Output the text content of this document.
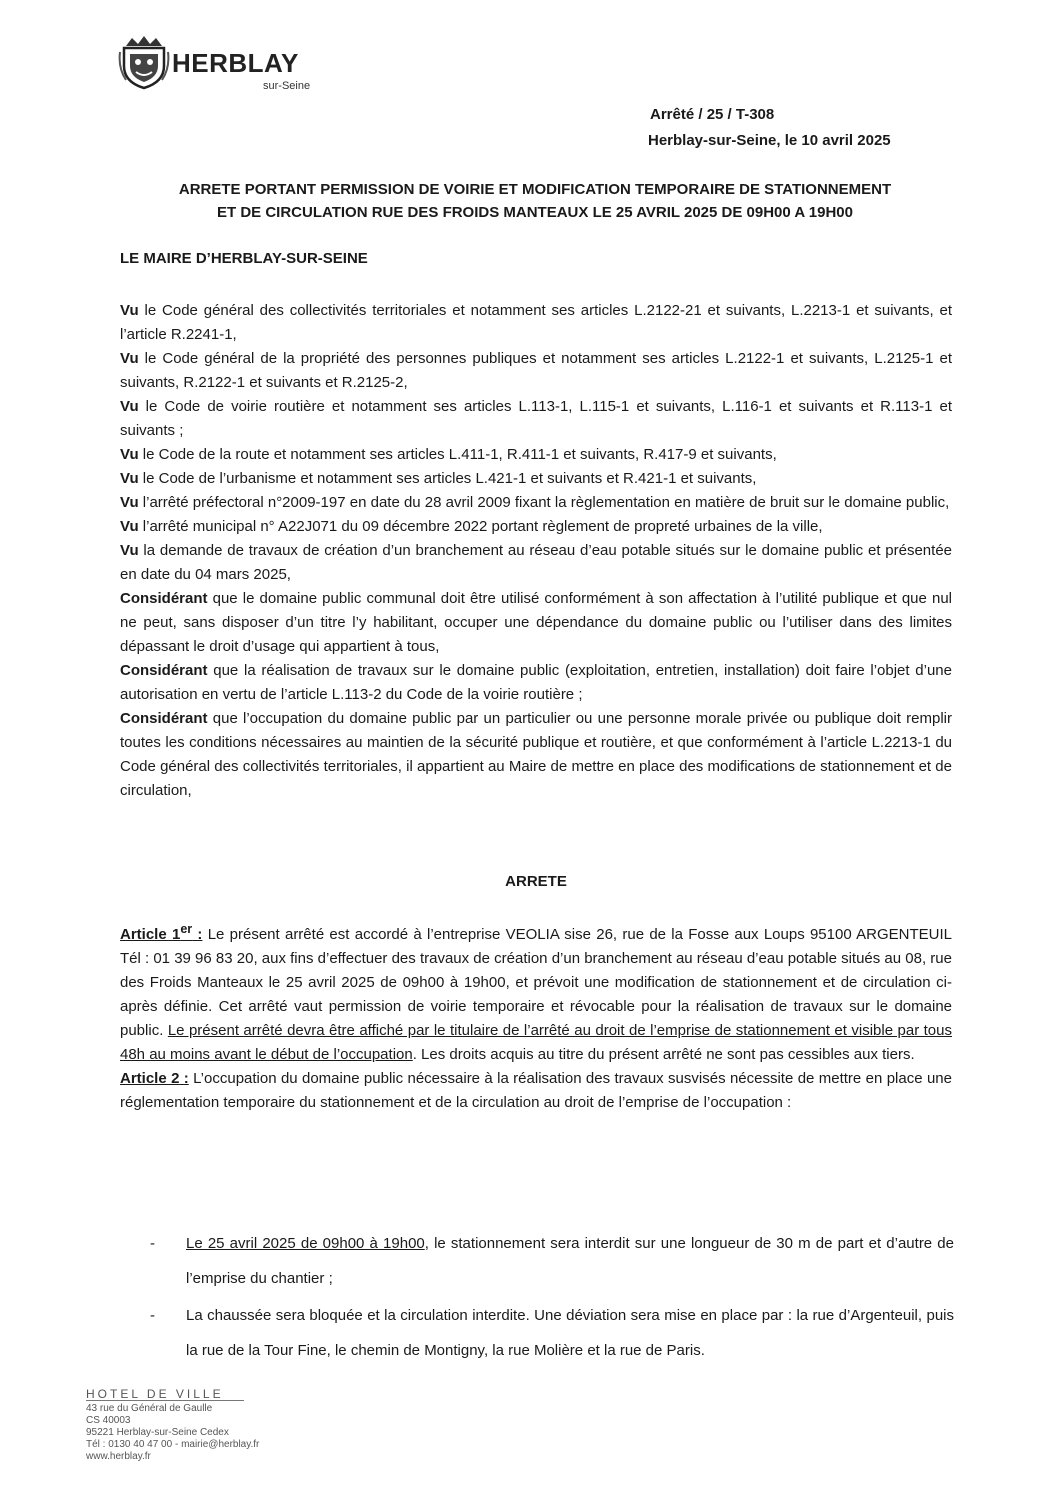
HERBLAY
sur-Seine
Arrêté / 25 / T-308
Herblay-sur-Seine, le 10 avril 2025
ARRETE PORTANT PERMISSION DE VOIRIE ET MODIFICATION TEMPORAIRE DE STATIONNEMENT
ET DE CIRCULATION RUE DES FROIDS MANTEAUX LE 25 AVRIL 2025 DE 09H00 A 19H00
LE MAIRE D’HERBLAY-SUR-SEINE

Vu le Code général des collectivités territoriales et notamment ses articles L.2122-21 et suivants, L.2213-1 et suivants, et l’article R.2241-1,

Vu le Code général de la propriété des personnes publiques et notamment ses articles L.2122-1 et suivants, L.2125-1 et suivants, R.2122-1 et suivants et R.2125-2,

Vu le Code de voirie routière et notamment ses articles L.113-1, L.115-1 et suivants, L.116-1 et suivants et R.113-1 et suivants ;

Vu le Code de la route et notamment ses articles L.411-1, R.411-1 et suivants, R.417-9 et suivants,

Vu le Code de l’urbanisme et notamment ses articles L.421-1 et suivants et R.421-1 et suivants,

Vu l’arrêté préfectoral n°2009-197 en date du 28 avril 2009 fixant la règlementation en matière de bruit sur le domaine public,

Vu l’arrêté municipal n° A22J071 du 09 décembre 2022 portant règlement de propreté urbaines de la ville,

Vu la demande de travaux de création d’un branchement au réseau d’eau potable situés sur le domaine public et présentée en date du 04 mars 2025,

Considérant que le domaine public communal doit être utilisé conformément à son affectation à l’utilité publique et que nul ne peut, sans disposer d’un titre l’y habilitant, occuper une dépendance du domaine public ou l’utiliser dans des limites dépassant le droit d’usage qui appartient à tous,

Considérant que la réalisation de travaux sur le domaine public (exploitation, entretien, installation) doit faire l’objet d’une autorisation en vertu de l’article L.113-2 du Code de la voirie routière ;

Considérant que l’occupation du domaine public par un particulier ou une personne morale privée ou publique doit remplir toutes les conditions nécessaires au maintien de la sécurité publique et routière, et que conformément à l’article L.2213-1 du Code général des collectivités territoriales, il appartient au Maire de mettre en place des modifications de stationnement et de circulation,

ARRETE

Article 1er : Le présent arrêté est accordé à l’entreprise VEOLIA sise 26, rue de la Fosse aux Loups 95100 ARGENTEUIL Tél : 01 39 96 83 20, aux fins d’effectuer des travaux de création d’un branchement au réseau d’eau potable situés au 08, rue des Froids Manteaux le 25 avril 2025 de 09h00 à 19h00, et prévoit une modification de stationnement et de circulation ci-après définie. Cet arrêté vaut permission de voirie temporaire et révocable pour la réalisation de travaux sur le domaine public. Le présent arrêté devra être affiché par le titulaire de l’arrêté au droit de l’emprise de stationnement et visible par tous 48h au moins avant le début de l’occupation. Les droits acquis au titre du présent arrêté ne sont pas cessibles aux tiers.

Article 2 : L’occupation du domaine public nécessaire à la réalisation des travaux susvisés nécessite de mettre en place une réglementation temporaire du stationnement et de la circulation au droit de l’emprise de l’occupation :

- Le 25 avril 2025 de 09h00 à 19h00, le stationnement sera interdit sur une longueur de 30 m de part et d’autre de l’emprise du chantier ;
- La chaussée sera bloquée et la circulation interdite. Une déviation sera mise en place par : la rue d’Argenteuil, puis la rue de la Tour Fine, le chemin de Montigny, la rue Molière et la rue de Paris.
HOTEL DE VILLE
43 rue du Général de Gaulle
CS 40003
95221 Herblay-sur-Seine Cedex
Tél : 0130 40 47 00 - mairie@herblay.fr
www.herblay.fr
